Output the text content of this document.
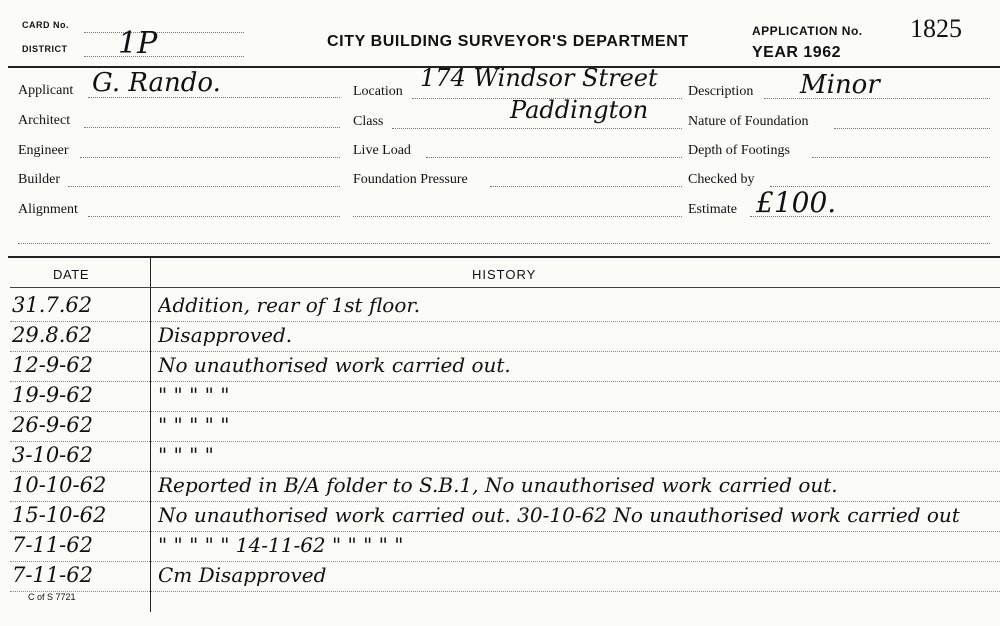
CARD No.
DISTRICT 1P	CITY BUILDING SURVEYOR'S DEPARTMENT
APPLICATION No. 1825
YEAR 1962
Applicant G. Rando.
Architect
Engineer
Builder
Alignment
Location 174 Windsor Street
Class	Paddington
Live Load
Foundation Pressure
Description Minor
Nature of Foundation
Depth of Footings
Checked by
Estimate £100.
DATE	HISTORY
31.7.62	Addition, rear of 1st floor.
29.8.62	Disapproved.
12-9-62	No unauthorised work carried out.
19-9-62	" " " " "
26-9-62	" " " " "
3-10-62	" " " "
10-10-62	Reported in B/A folder to S.B.1, No unauthorised work carried out.
15-10-62	No unauthorised work carried out. 30-10-62 No unauthorised work carried out
7-11-62	" " " " " 14-11-62 " " " " "
7-11-62	Cm Disapproved
C of S 7721
